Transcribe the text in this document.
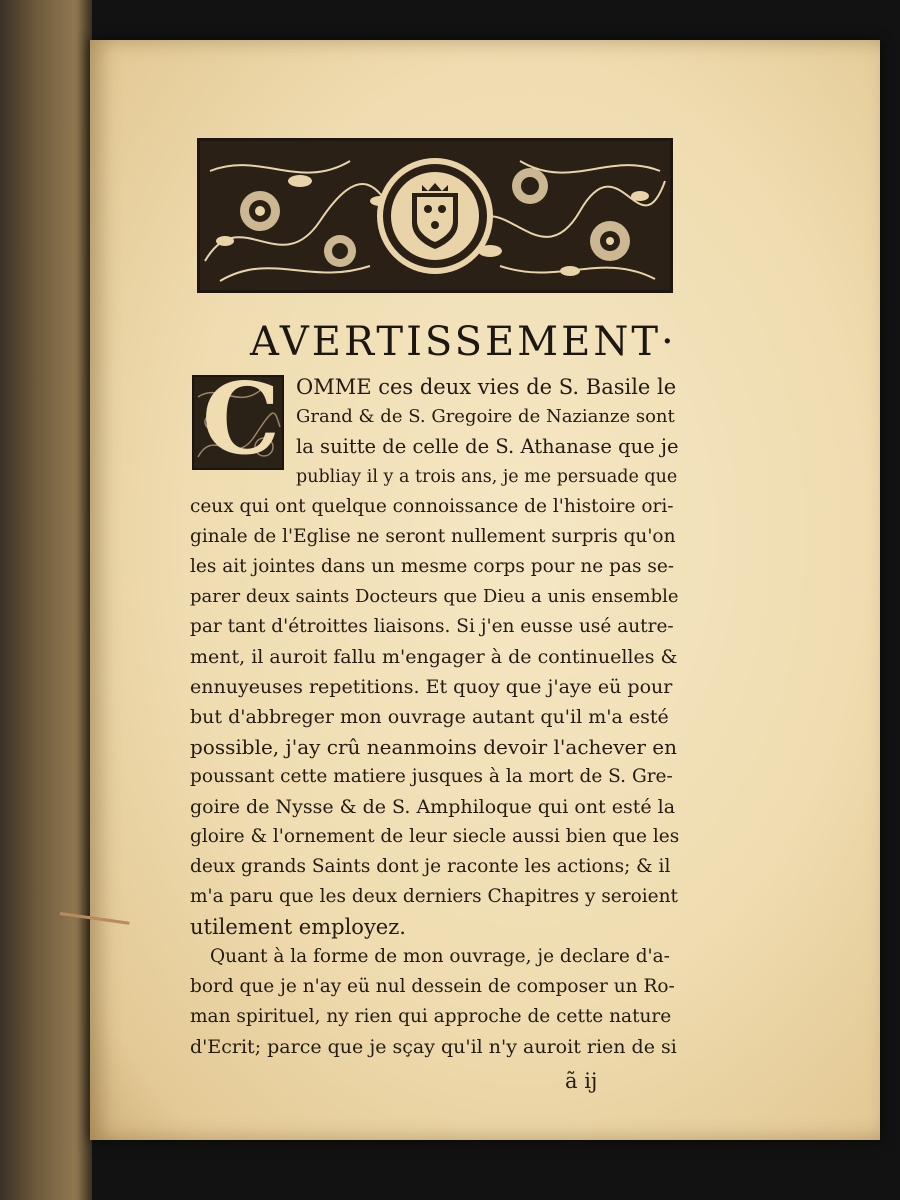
AVERTISSEMENT·
C OMME ces deux vies de S. Basile le
Grand & de S. Gregoire de Nazianze sont
la suitte de celle de S. Athanase que je
publiay il y a trois ans, je me persuade que
ceux qui ont quelque connoissance de l'histoire ori-
ginale de l'Eglise ne seront nullement surpris qu'on
les ait jointes dans un mesme corps pour ne pas se-
parer deux saints Docteurs que Dieu a unis ensemble
par tant d'étroittes liaisons. Si j'en eusse usé autre-
ment, il auroit fallu m'engager à de continuelles &
ennuyeuses repetitions. Et quoy que j'aye eü pour
but d'abbreger mon ouvrage autant qu'il m'a esté
possible, j'ay crû neanmoins devoir l'achever en
poussant cette matiere jusques à la mort de S. Gre-
goire de Nysse & de S. Amphiloque qui ont esté la
gloire & l'ornement de leur siecle aussi bien que les
deux grands Saints dont je raconte les actions; & il
m'a paru que les deux derniers Chapitres y seroient
utilement employez.
Quant à la forme de mon ouvrage, je declare d'a-
bord que je n'ay eü nul dessein de composer un Ro-
man spirituel, ny rien qui approche de cette nature
d'Ecrit; parce que je sçay qu'il n'y auroit rien de si
ã ij
